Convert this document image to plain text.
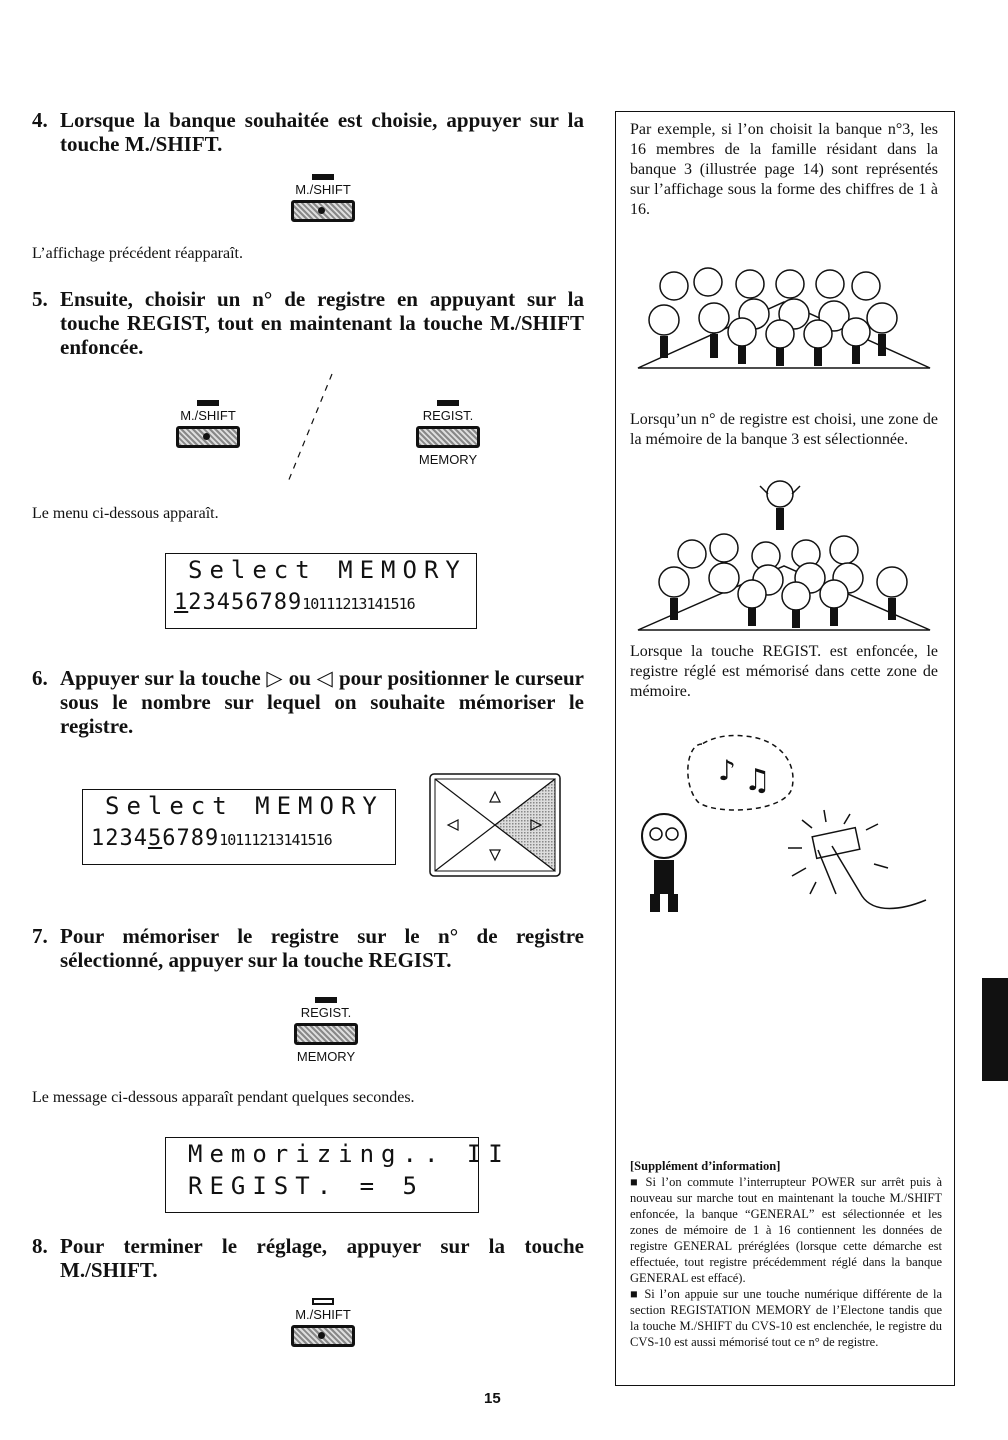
4. Lorsque la banque souhaitée est choisie, appuyer sur la touche M./SHIFT.
M./SHIFT
L’affichage précédent réapparaît.
5. Ensuite, choisir un n° de registre en appuyant sur la touche REGIST, tout en maintenant la touche M./SHIFT enfoncée.
M./SHIFT	REGIST.
MEMORY
Le menu ci-dessous apparaît.
Select MEMORY
12345678910111213141516
6. Appuyer sur la touche ▷ ou ◁ pour positionner le curseur sous le nombre sur lequel on souhaite mémoriser le registre.
Select MEMORY
12345678910111213141516
7. Pour mémoriser le registre sur le n° de registre sélectionné, appuyer sur la touche REGIST.
REGIST.
MEMORY
Le message ci-dessous apparaît pendant quelques secondes.
Memorizing.. II
REGIST. = 5
8. Pour terminer le réglage, appuyer sur la touche M./SHIFT.
M./SHIFT

Par exemple, si l’on choisit la banque n°3, les 16 membres de la famille résidant dans la banque 3 (illustrée page 14) sont représentés sur l’affichage sous la forme des chiffres de 1 à 16.

Lorsqu’un n° de registre est choisi, une zone de la mémoire de la banque 3 est sélectionnée.

Lorsque la touche REGIST. est enfoncée, le registre réglé est mémorisé dans cette zone de mémoire.

♪ ♫
[Supplément d’information]
■ Si l’on commute l’interrupteur POWER sur arrêt puis à nouveau sur marche tout en maintenant la touche M./SHIFT enfoncée, la banque “GENERAL” est sélectionnée et les zones de mémoire de 1 à 16 contiennent les données de registre GENERAL préréglées (lorsque cette démarche est effectuée, tout registre précédemment réglé dans la banque GENERAL est effacé).
■ Si l’on appuie sur une touche numérique différente de la section REGISTATION MEMORY de l’Electone tandis que la touche M./SHIFT du CVS-10 est enclenchée, le registre du CVS-10 est aussi mémorisé tout ce n° de registre.
15
